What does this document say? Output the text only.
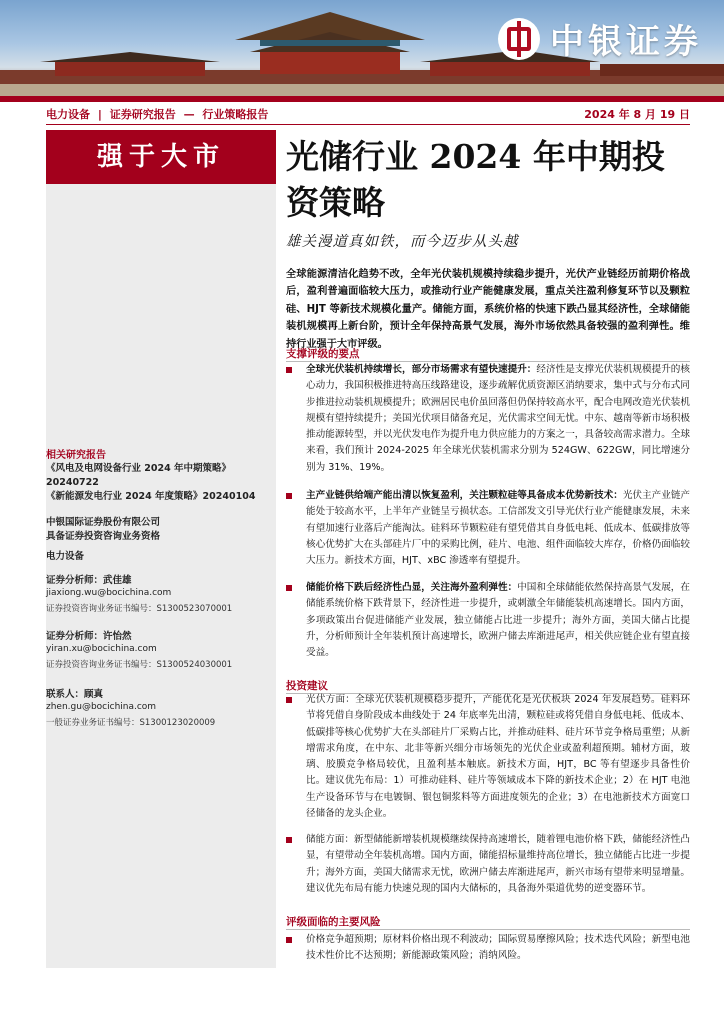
中银证券
电力设备 | 证券研究报告 — 行业策略报告	2024 年 8 月 19 日
强于大市
相关研究报告
《风电及电网设备行业 2024 年中期策略》20240722
《新能源发电行业 2024 年度策略》20240104
中银国际证券股份有限公司
具备证券投资咨询业务资格
电力设备
证券分析师：武佳雄
jiaxiong.wu@bocichina.com
证券投资咨询业务证书编号：S1300523070001
证券分析师：许怡然
yiran.xu@bocichina.com
证券投资咨询业务证书编号：S1300524030001
联系人：顾真
zhen.gu@bocichina.com
一般证券业务证书编号：S1300123020009
光储行业 2024 年中期投资策略
雄关漫道真如铁，而今迈步从头越
全球能源清洁化趋势不改，全年光伏装机规模持续稳步提升，光伏产业链经历前期价格战后，盈利普遍面临较大压力，或推动行业产能健康发展，重点关注盈利修复环节以及颗粒硅、HJT 等新技术规模化量产。储能方面，系统价格的快速下跌凸显其经济性，全球储能装机规模再上新台阶，预计全年保持高景气发展，海外市场依然具备较强的盈利弹性。维持行业强于大市评级。
支撑评级的要点
全球光伏装机持续增长，部分市场需求有望快速提升：经济性是支撑光伏装机规模提升的核心动力，我国积极推进特高压线路建设，逐步疏解优质资源区消纳要求，集中式与分布式同步推进拉动装机规模提升；欧洲居民电价虽回落但仍保持较高水平，配合电网改造光伏装机规模有望持续提升；美国光伏项目储备充足，光伏需求空间无忧。中东、越南等新市场积极推动能源转型，并以光伏发电作为提升电力供应能力的方案之一，具备较高需求潜力。全球来看，我们预计 2024-2025 年全球光伏装机需求分别为 524GW、622GW，同比增速分别为 31%、19%。
主产业链供给端产能出清以恢复盈利，关注颗粒硅等具备成本优势新技术：光伏主产业链产能处于较高水平，上半年产业链呈亏损状态。工信部发文引导光伏行业产能健康发展，未来有望加速行业落后产能淘汰。硅料环节颗粒硅有望凭借其自身低电耗、低成本、低碳排放等核心优势扩大在头部硅片厂中的采购比例，硅片、电池、组件面临较大库存，价格仍面临较大压力。新技术方面，HJT、xBC 渗透率有望提升。
储能价格下跌后经济性凸显，关注海外盈利弹性：中国和全球储能依然保持高景气发展，在储能系统价格下跌背景下，经济性进一步提升，或刺激全年储能装机高速增长。国内方面，多项政策出台促进储能产业发展，独立储能占比进一步提升；海外方面，美国大储占比提升，分析师预计全年装机预计高速增长，欧洲户储去库渐进尾声，相关供应链企业有望直接受益。
投资建议
光伏方面：全球光伏装机规模稳步提升，产能优化是光伏板块 2024 年发展趋势。硅料环节将凭借自身阶段成本曲线处于 24 年底率先出清，颗粒硅或将凭借自身低电耗、低成本、低碳排等核心优势扩大在头部硅片厂采购占比，并推动硅料、硅片环节竞争格局重塑；从新增需求角度，在中东、北非等新兴细分市场领先的光伏企业或盈利超预期。辅材方面，玻璃、胶膜竞争格局较优，且盈利基本触底。新技术方面，HJT，BC 等有望逐步具备性价比。建议优先布局：1）可推动硅料、硅片等领域成本下降的新技术企业；2）在 HJT 电池生产设备环节与在电镀铜、银包铜浆料等方面进度领先的企业；3）在电池新技术方面宽口径储备的龙头企业。
储能方面：新型储能新增装机规模继续保持高速增长，随着锂电池价格下跌，储能经济性凸显，有望带动全年装机高增。国内方面，储能招标量维持高位增长，独立储能占比进一步提升；海外方面，美国大储需求无忧，欧洲户储去库渐进尾声，新兴市场有望带来明显增量。建议优先布局有能力快速兑现的国内大储标的，具备海外渠道优势的逆变器环节。
评级面临的主要风险
价格竞争超预期；原材料价格出现不利波动；国际贸易摩擦风险；技术迭代风险；新型电池技术性价比不达预期；新能源政策风险；消纳风险。
